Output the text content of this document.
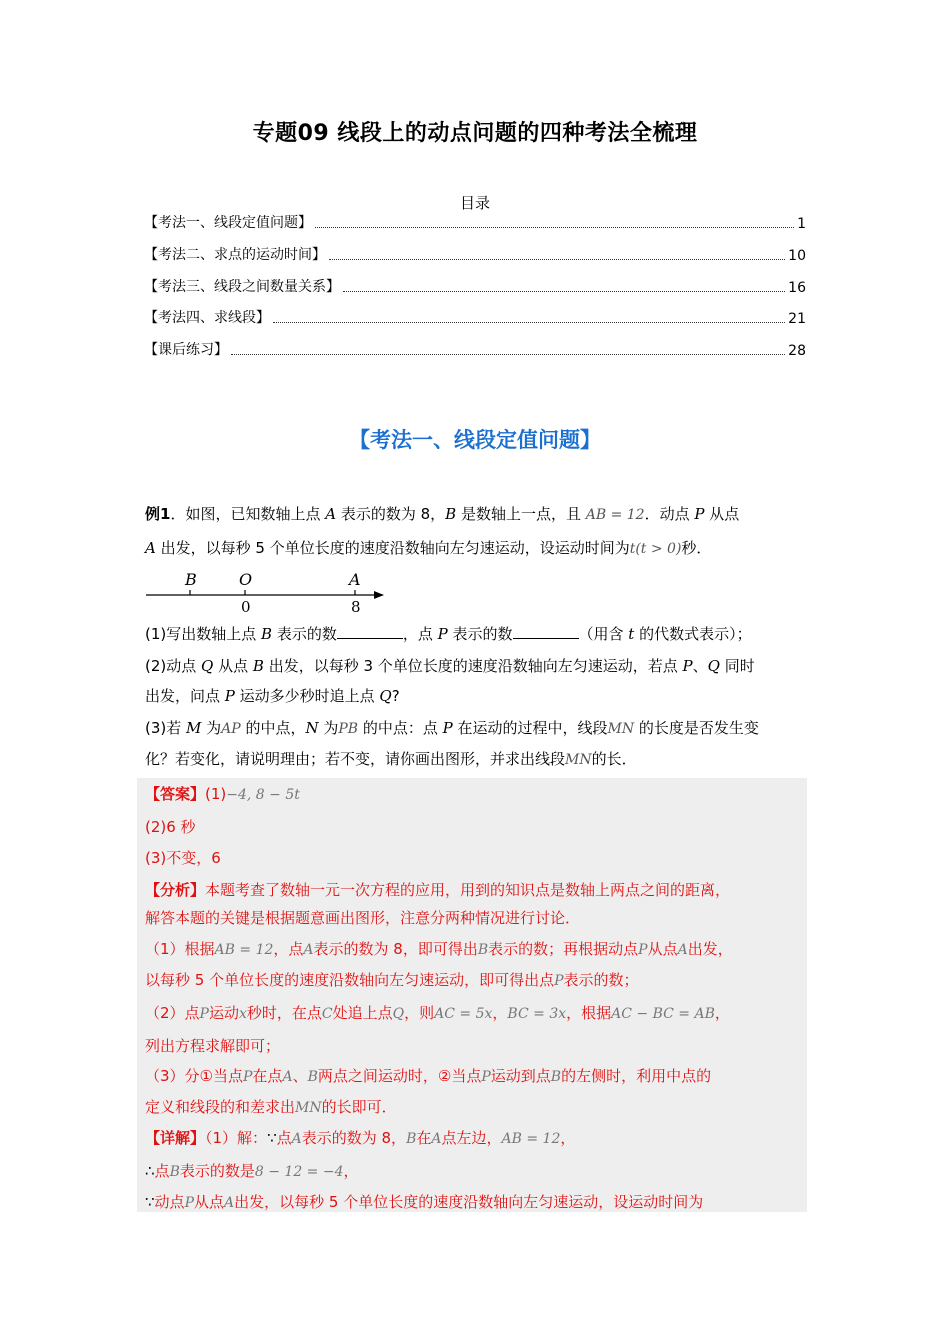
专题09 线段上的动点问题的四种考法全梳理
目录
【考法一、线段定值问题】	1
【考法二、求点的运动时间】	10
【考法三、线段之间数量关系】	16
【考法四、求线段】	21
【课后练习】	28
【考法一、线段定值问题】
例1．如图，已知数轴上点 A 表示的数为 8，B 是数轴上一点，且 AB = 12．动点 P 从点
A 出发，以每秒 5 个单位长度的速度沿数轴向左匀速运动，设运动时间为t(t > 0)秒．
B	O	A
0	8
(1)写出数轴上点 B 表示的数	，点 P 表示的数	（用含 t 的代数式表示）；
(2)动点 Q 从点 B 出发，以每秒 3 个单位长度的速度沿数轴向左匀速运动，若点 P、Q 同时
出发，问点 P 运动多少秒时追上点 Q?
(3)若 M 为AP 的中点，N 为PB 的中点：点 P 在运动的过程中，线段MN 的长度是否发生变
化？若变化，请说明理由；若不变，请你画出图形，并求出线段MN的长．
【答案】(1)−4, 8 − 5t
(2)6 秒
(3)不变，6
【分析】本题考查了数轴一元一次方程的应用，用到的知识点是数轴上两点之间的距离，
解答本题的关键是根据题意画出图形，注意分两种情况进行讨论．
（1）根据AB = 12，点A表示的数为 8，即可得出B表示的数；再根据动点P从点A出发，
以每秒 5 个单位长度的速度沿数轴向左匀速运动，即可得出点P表示的数；
（2）点P运动x秒时，在点C处追上点Q，则AC = 5x，BC = 3x，根据AC − BC = AB，
列出方程求解即可；
（3）分①当点P在点A、B两点之间运动时，②当点P运动到点B的左侧时，利用中点的
定义和线段的和差求出MN的长即可．
【详解】（1）解：∵点A表示的数为 8，B在A点左边，AB = 12，
∴点B表示的数是8 − 12 = −4，
∵动点P从点A出发，以每秒 5 个单位长度的速度沿数轴向左匀速运动，设运动时间为
